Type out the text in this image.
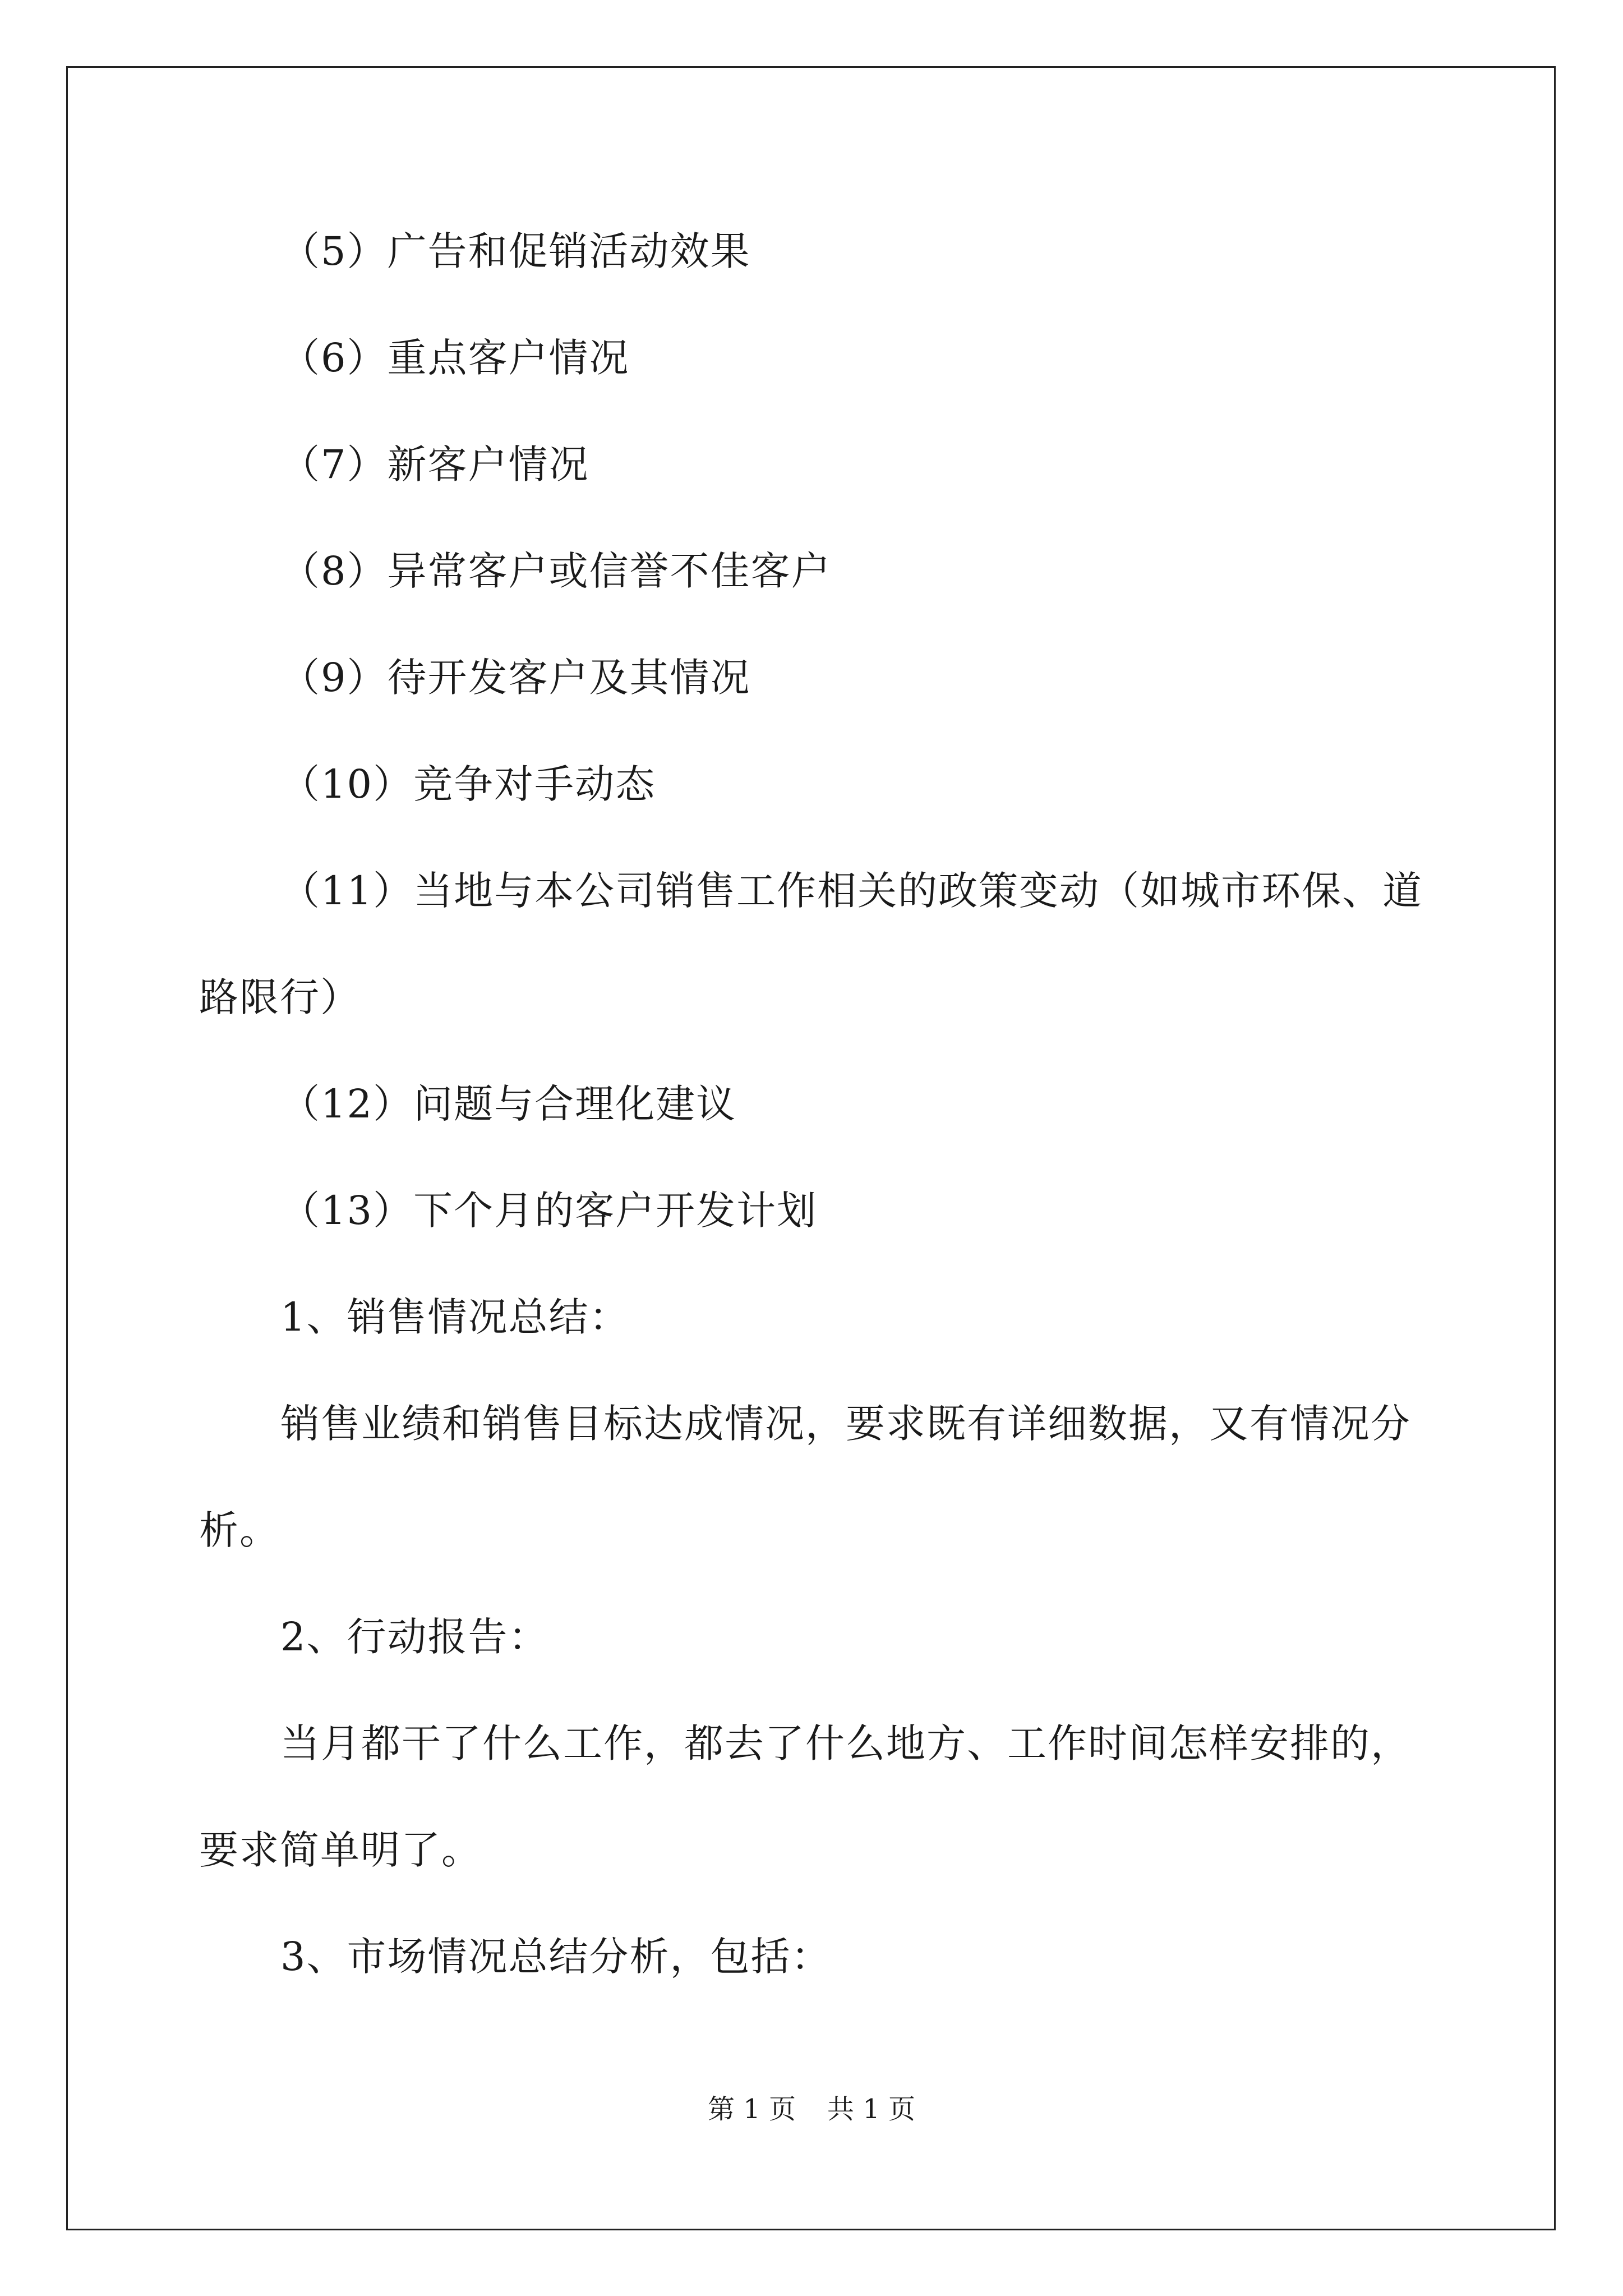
（5）广告和促销活动效果
（6）重点客户情况
（7）新客户情况
（8）异常客户或信誉不佳客户
（9）待开发客户及其情况
（10）竞争对手动态
（11）当地与本公司销售工作相关的政策变动（如城市环保、道
路限行）
（12）问题与合理化建议
（13）下个月的客户开发计划
1、销售情况总结：
销售业绩和销售目标达成情况，要求既有详细数据，又有情况分
析。
2、行动报告：
当月都干了什么工作，都去了什么地方、工作时间怎样安排的，
要求简单明了。
3、市场情况总结分析，包括：
第 1 页 共 1 页
